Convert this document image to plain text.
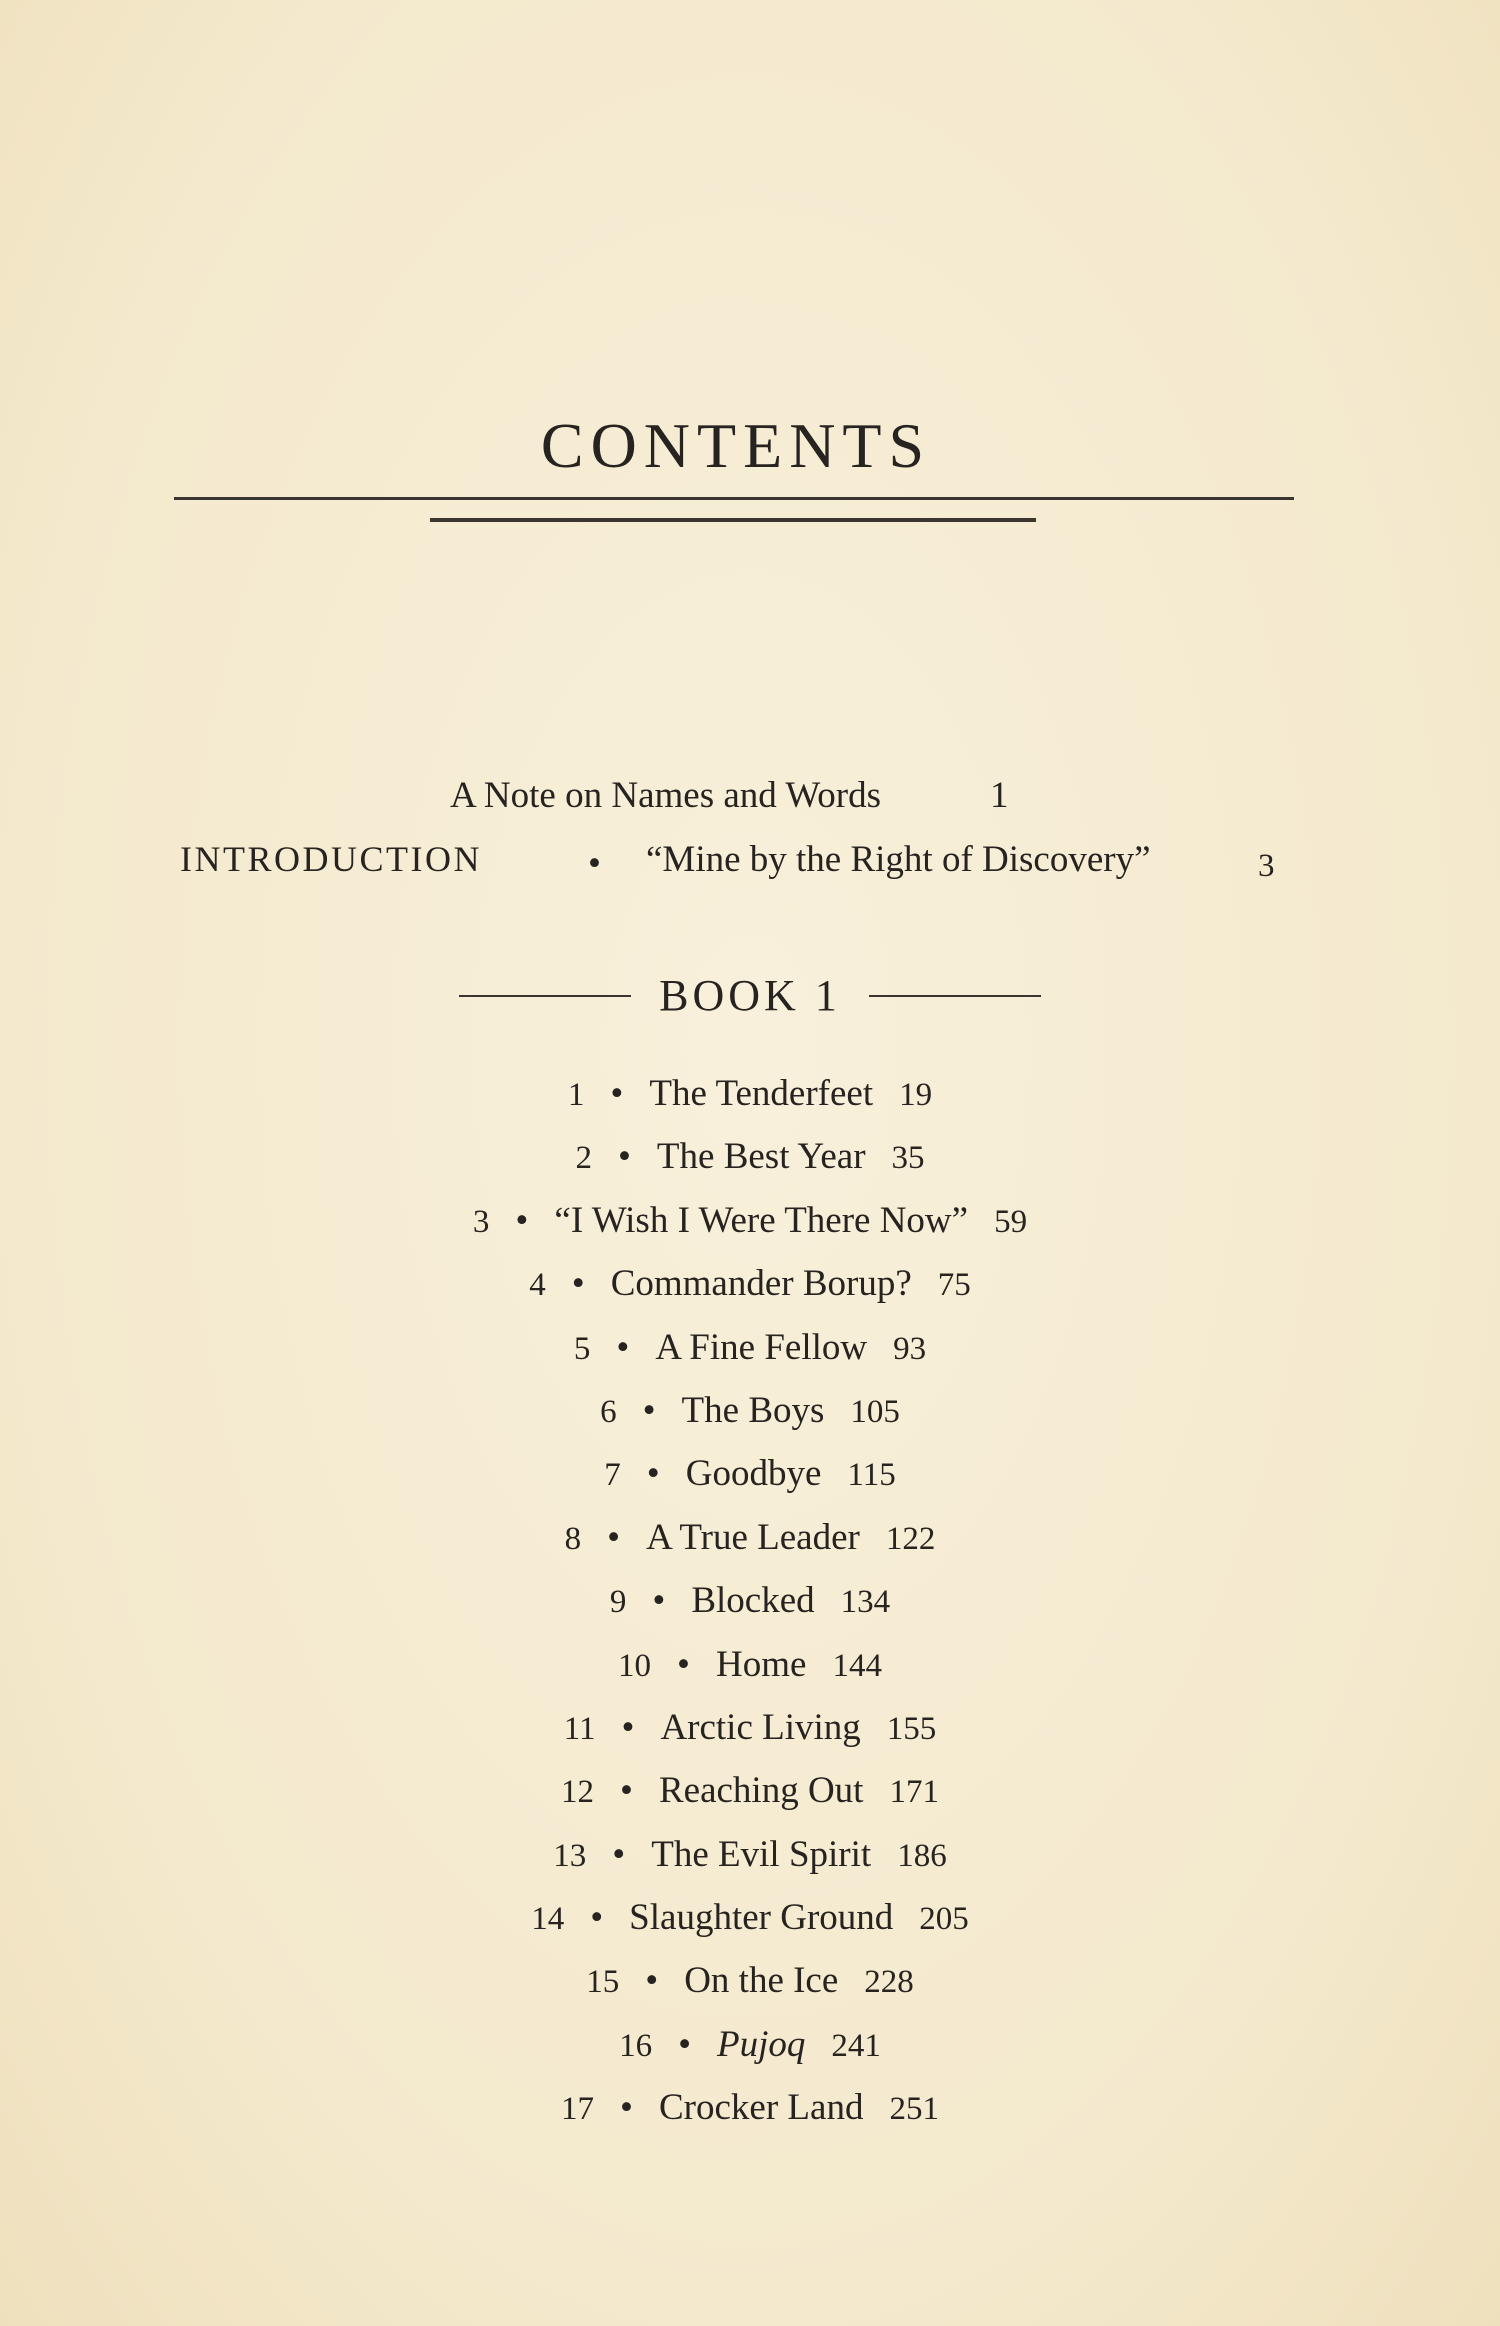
CONTENTS
A Note on Names and Words	1
INTRODUCTION	• “Mine by the Right of Discovery”	3
BOOK 1
1 • The Tenderfeet 19
2 • The Best Year 35
3 • “I Wish I Were There Now” 59
4 • Commander Borup? 75
5 • A Fine Fellow 93
6 • The Boys 105
7 • Goodbye 115
8 • A True Leader 122
9 • Blocked 134
10 • Home 144
11 • Arctic Living 155
12 • Reaching Out 171
13 • The Evil Spirit 186
14 • Slaughter Ground 205
15 • On the Ice 228
16 • Pujoq 241
17 • Crocker Land 251
